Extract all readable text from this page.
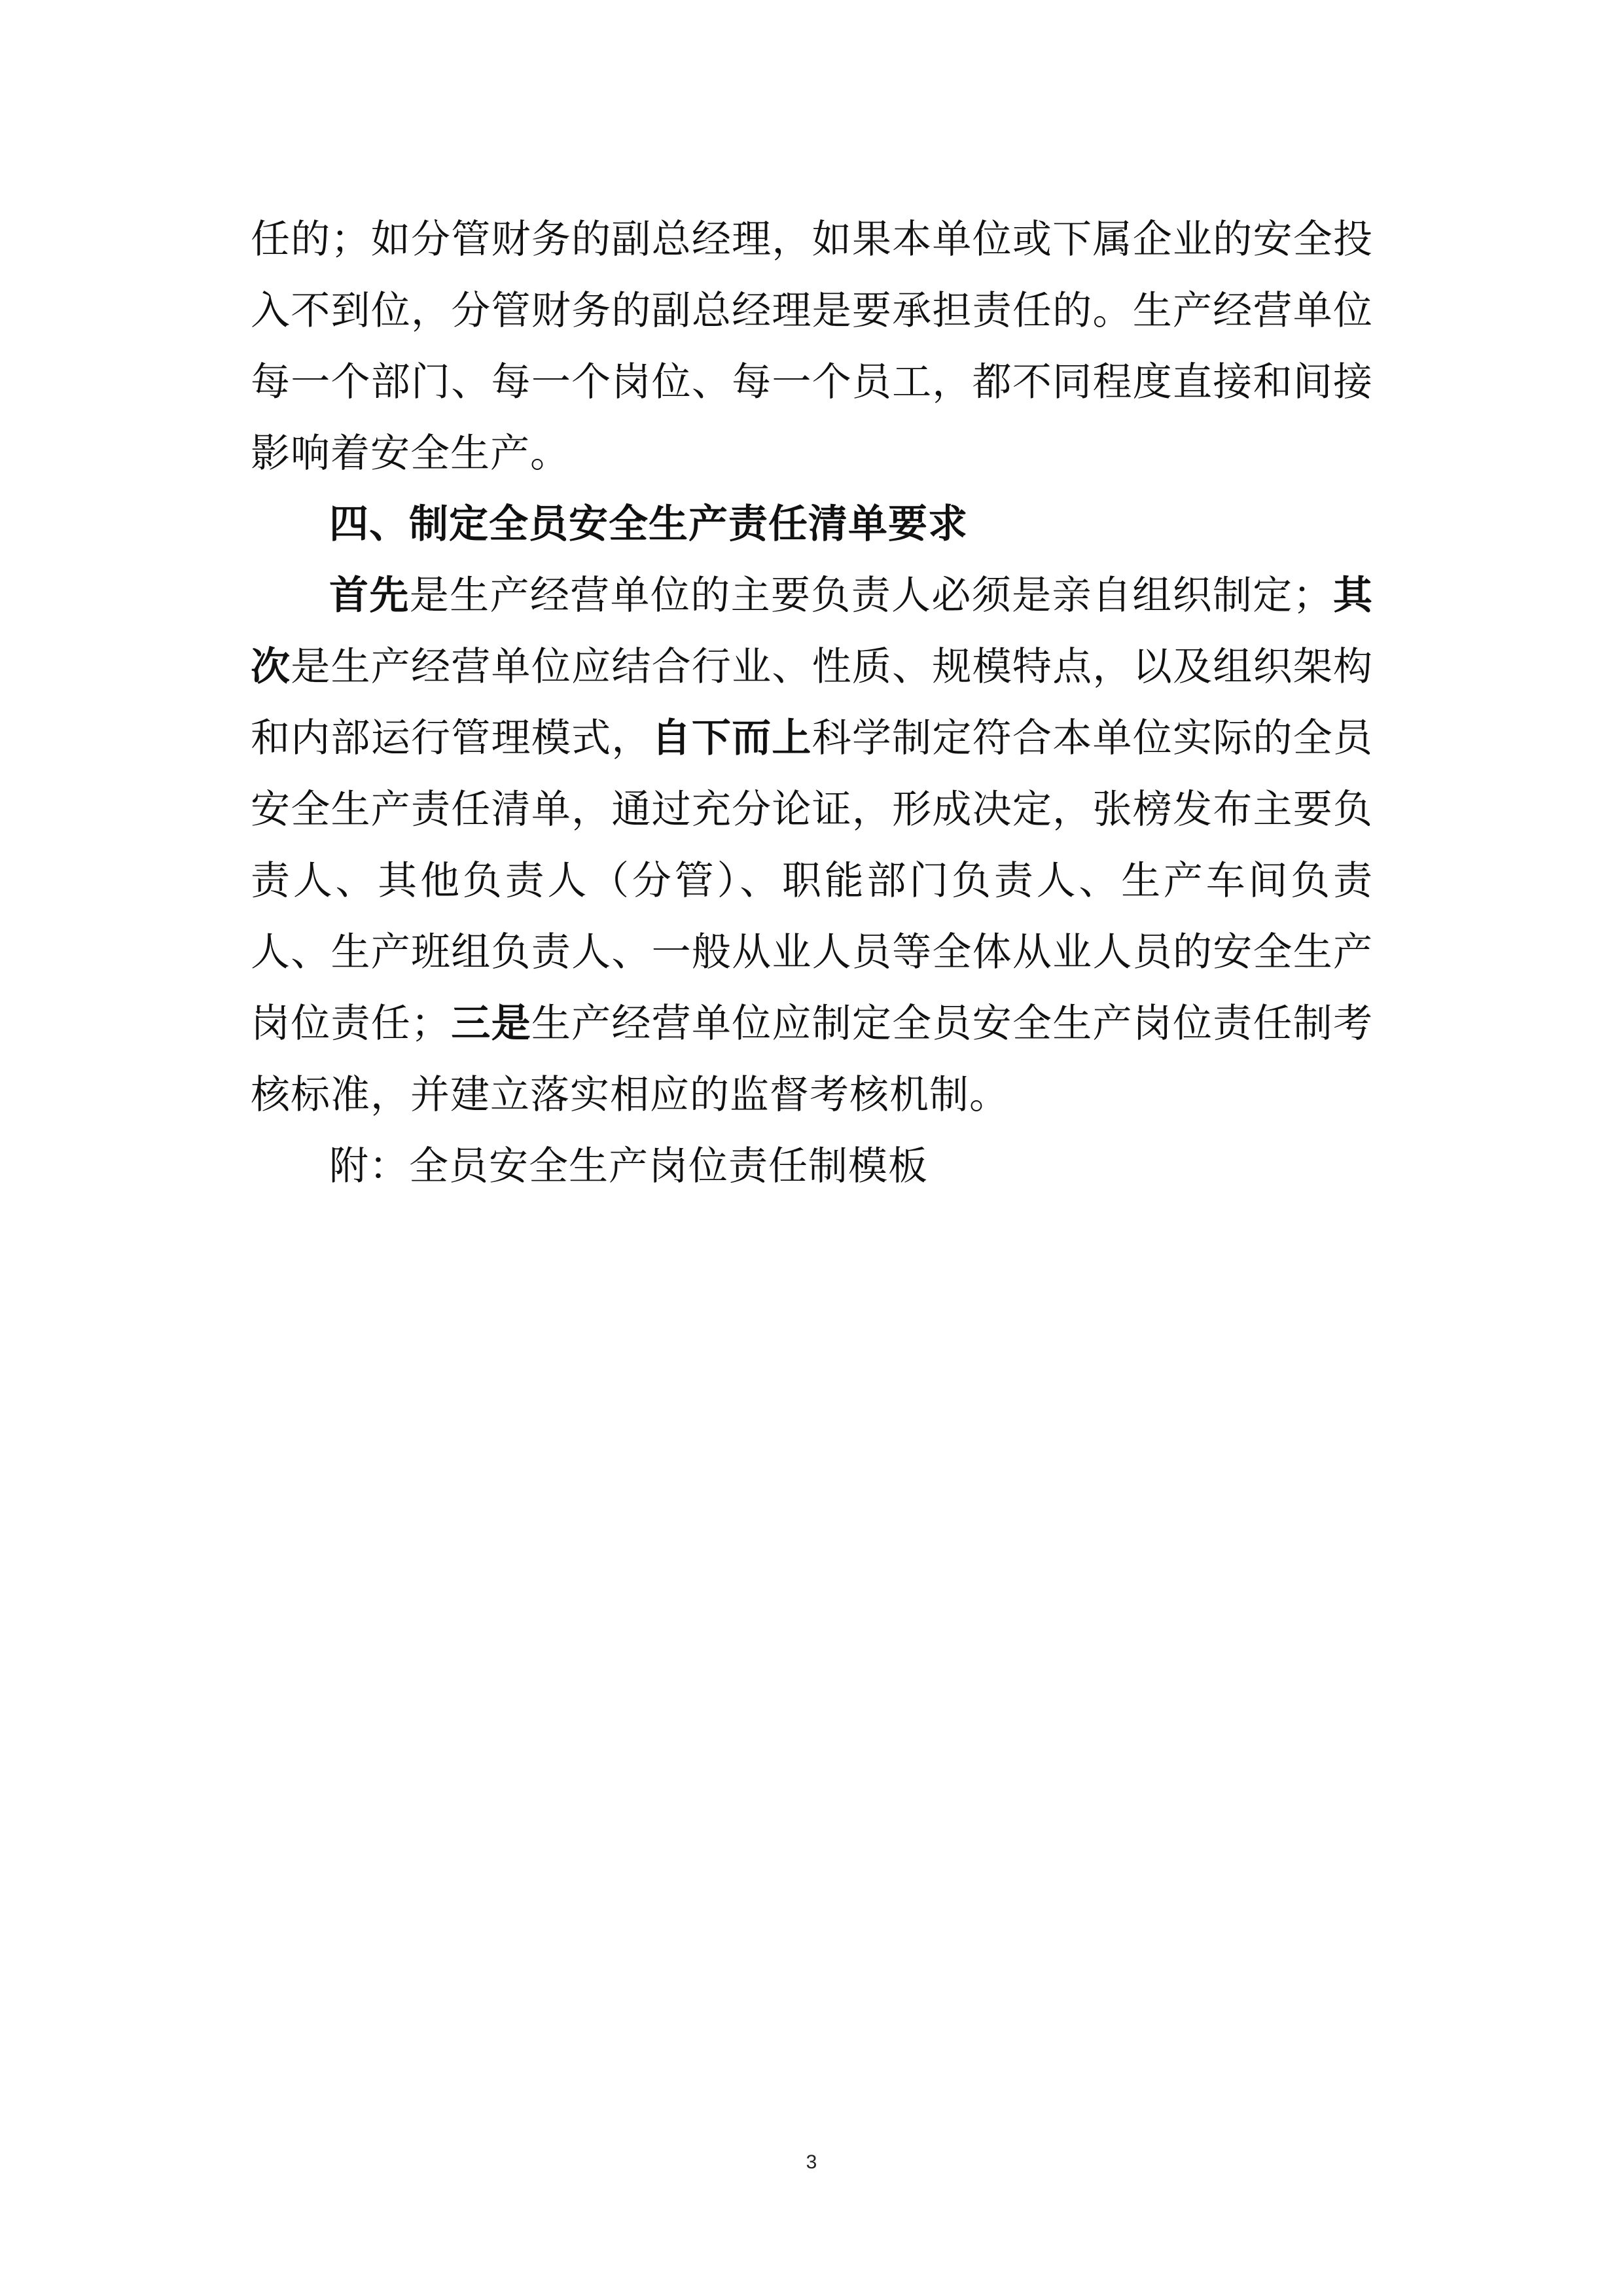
任的；如分管财务的副总经理，如果本单位或下属企业的安全投入不到位，分管财务的副总经理是要承担责任的。生产经营单位每一个部门、每一个岗位、每一个员工，都不同程度直接和间接影响着安全生产。

四、制定全员安全生产责任清单要求

首先是生产经营单位的主要负责人必须是亲自组织制定；其次是生产经营单位应结合行业、性质、规模特点，以及组织架构和内部运行管理模式，自下而上科学制定符合本单位实际的全员安全生产责任清单，通过充分论证，形成决定，张榜发布主要负责人、其他负责人（分管）、职能部门负责人、生产车间负责人、生产班组负责人、一般从业人员等全体从业人员的安全生产岗位责任；三是生产经营单位应制定全员安全生产岗位责任制考核标准，并建立落实相应的监督考核机制。

附：全员安全生产岗位责任制模板

3
